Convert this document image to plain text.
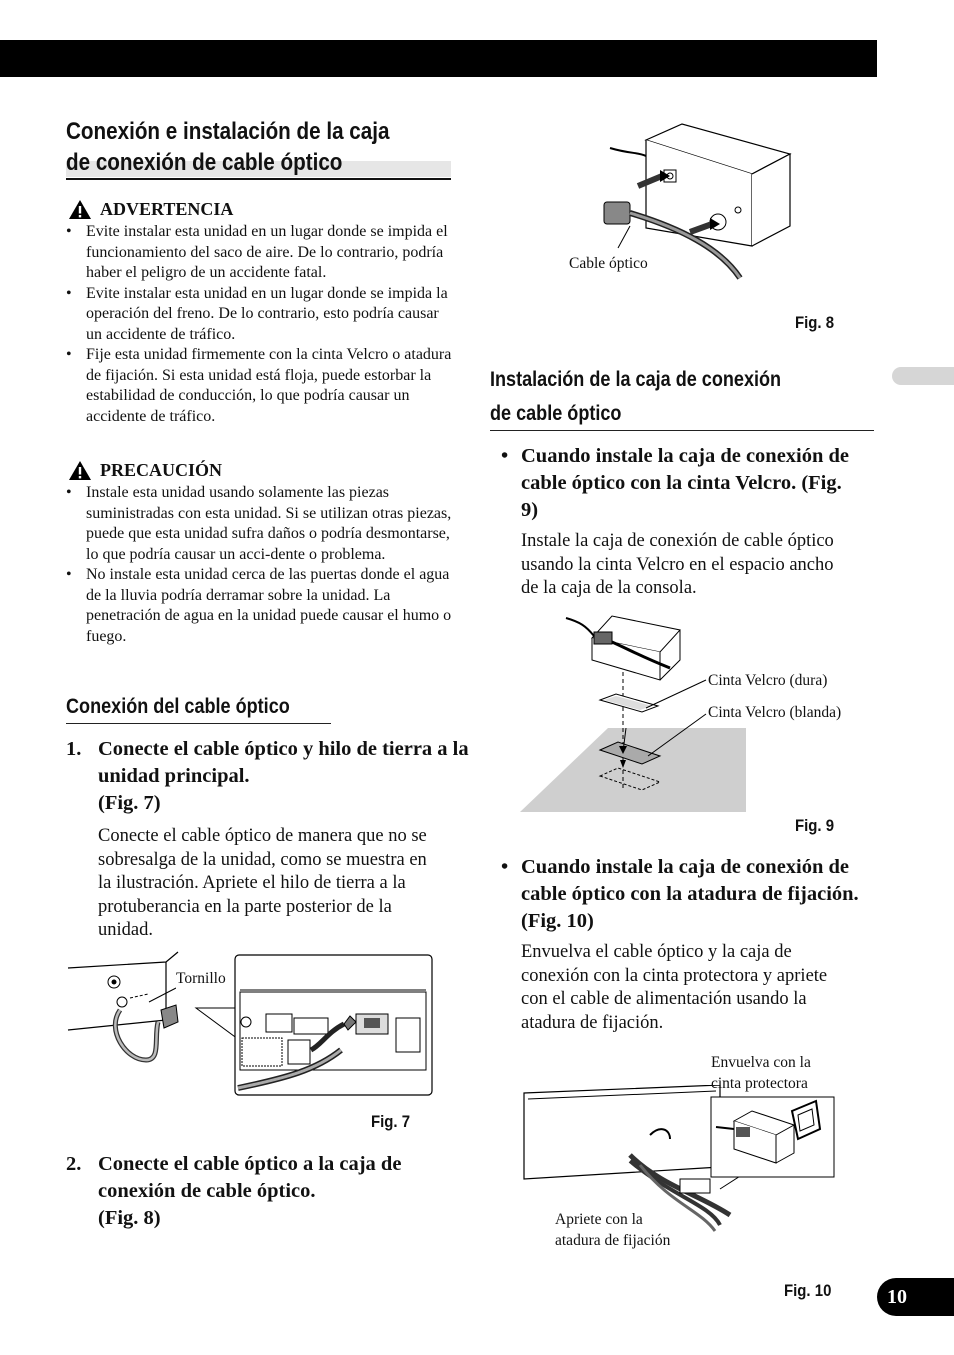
10
Conexión e instalación de la caja
de conexión de cable óptico
ADVERTENCIA
• Evite instalar esta unidad en un lugar donde se impida el funcionamiento del saco de aire. De lo contrario, podría haber el peligro de un accidente fatal.
• Evite instalar esta unidad en un lugar donde se impida la operación del freno. De lo contrario, esto podría causar un accidente de tráfico.
• Fije esta unidad firmemente con la cinta Velcro o atadura de fijación. Si esta unidad está floja, puede estorbar la estabilidad de conducción, lo que podría causar un accidente de tráfico.
PRECAUCIÓN
• Instale esta unidad usando solamente las piezas suministradas con esta unidad. Si se utilizan otras piezas, puede que esta unidad sufra daños o podría desmontarse, lo que podría causar un acci-dente o problema.
• No instale esta unidad cerca de las puertas donde el agua de la lluvia podría derramar sobre la unidad. La penetración de agua en la unidad puede causar el humo o fuego.
Conexión del cable óptico
1. Conecte el cable óptico y hilo de tierra a la unidad principal.
(Fig. 7)
Conecte el cable óptico de manera que no se sobresalga de la unidad, como se muestra en la ilustración. Apriete el hilo de tierra a la protuberancia en la parte posterior de la unidad.
Tornillo
Fig. 7
2. Conecte el cable óptico a la caja de conexión de cable óptico.
(Fig. 8)
Cable óptico
Fig. 8
Instalación de la caja de conexión
de cable óptico
• Cuando instale la caja de conexión de cable óptico con la cinta Velcro. (Fig. 9)
Instale la caja de conexión de cable óptico usando la cinta Velcro en el espacio ancho de la caja de la consola.
Cinta Velcro (dura)
Cinta Velcro (blanda)
Fig. 9
• Cuando instale la caja de conexión de cable óptico con la atadura de fijación. (Fig. 10)
Envuelva el cable óptico y la caja de conexión con la cinta protectora y apriete con el cable de alimentación usando la atadura de fijación.
Envuelva con la
cinta protectora
Apriete con la
atadura de fijación
Fig. 10
